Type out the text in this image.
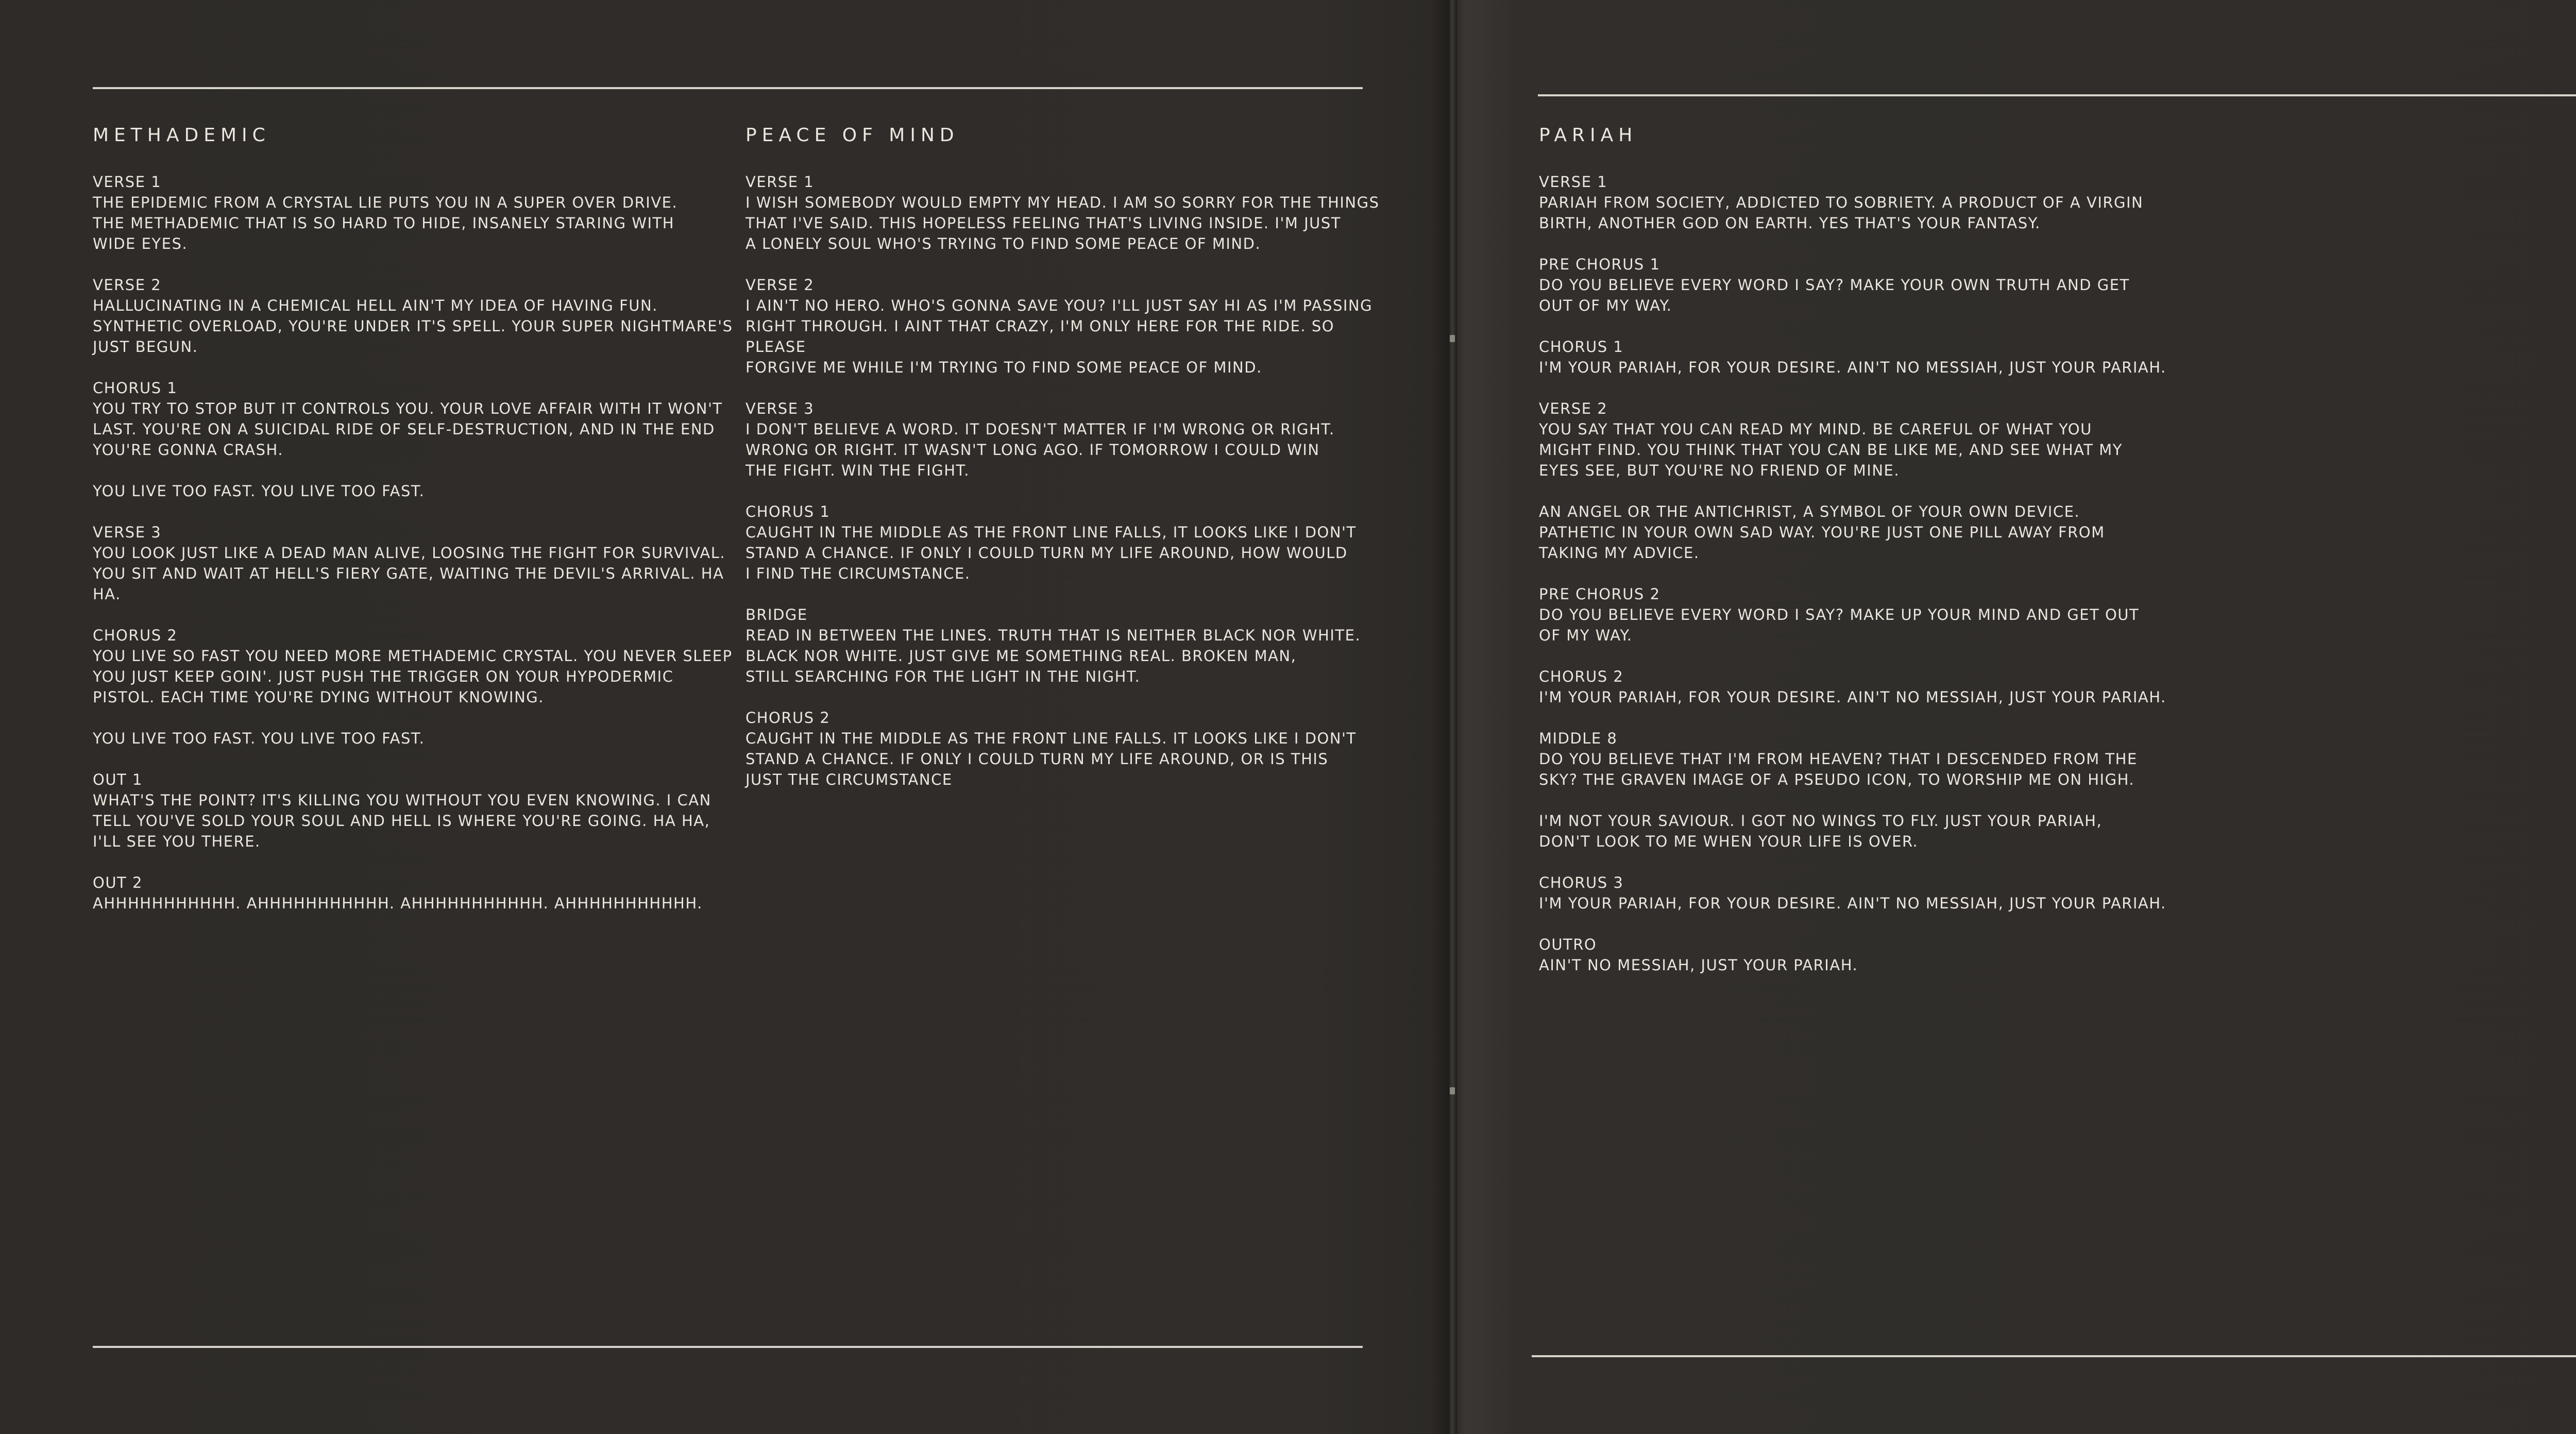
METHADEMIC
VERSE 1
THE EPIDEMIC FROM A CRYSTAL LIE PUTS YOU IN A SUPER OVER DRIVE.
THE METHADEMIC THAT IS SO HARD TO HIDE, INSANELY STARING WITH
WIDE EYES.
VERSE 2
HALLUCINATING IN A CHEMICAL HELL AIN'T MY IDEA OF HAVING FUN.
SYNTHETIC OVERLOAD, YOU'RE UNDER IT'S SPELL. YOUR SUPER NIGHTMARE'S
JUST BEGUN.
CHORUS 1
YOU TRY TO STOP BUT IT CONTROLS YOU. YOUR LOVE AFFAIR WITH IT WON'T
LAST. YOU'RE ON A SUICIDAL RIDE OF SELF-DESTRUCTION, AND IN THE END
YOU'RE GONNA CRASH.
YOU LIVE TOO FAST. YOU LIVE TOO FAST.
VERSE 3
YOU LOOK JUST LIKE A DEAD MAN ALIVE, LOOSING THE FIGHT FOR SURVIVAL.
YOU SIT AND WAIT AT HELL'S FIERY GATE, WAITING THE DEVIL'S ARRIVAL. HA HA.
CHORUS 2
YOU LIVE SO FAST YOU NEED MORE METHADEMIC CRYSTAL. YOU NEVER SLEEP
YOU JUST KEEP GOIN'. JUST PUSH THE TRIGGER ON YOUR HYPODERMIC
PISTOL. EACH TIME YOU'RE DYING WITHOUT KNOWING.
YOU LIVE TOO FAST. YOU LIVE TOO FAST.
OUT 1
WHAT'S THE POINT? IT'S KILLING YOU WITHOUT YOU EVEN KNOWING. I CAN
TELL YOU'VE SOLD YOUR SOUL AND HELL IS WHERE YOU'RE GOING. HA HA,
I'LL SEE YOU THERE.
OUT 2
AHHHHHHHHHHH. AHHHHHHHHHHH. AHHHHHHHHHHH. AHHHHHHHHHHH.
PEACE OF MIND
VERSE 1
I WISH SOMEBODY WOULD EMPTY MY HEAD. I AM SO SORRY FOR THE THINGS
THAT I'VE SAID. THIS HOPELESS FEELING THAT'S LIVING INSIDE. I'M JUST
A LONELY SOUL WHO'S TRYING TO FIND SOME PEACE OF MIND.
VERSE 2
I AIN'T NO HERO. WHO'S GONNA SAVE YOU? I'LL JUST SAY HI AS I'M PASSING
RIGHT THROUGH. I AINT THAT CRAZY, I'M ONLY HERE FOR THE RIDE. SO PLEASE
FORGIVE ME WHILE I'M TRYING TO FIND SOME PEACE OF MIND.
VERSE 3
I DON'T BELIEVE A WORD. IT DOESN'T MATTER IF I'M WRONG OR RIGHT.
WRONG OR RIGHT. IT WASN'T LONG AGO. IF TOMORROW I COULD WIN
THE FIGHT. WIN THE FIGHT.
CHORUS 1
CAUGHT IN THE MIDDLE AS THE FRONT LINE FALLS, IT LOOKS LIKE I DON'T
STAND A CHANCE. IF ONLY I COULD TURN MY LIFE AROUND, HOW WOULD
I FIND THE CIRCUMSTANCE.
BRIDGE
READ IN BETWEEN THE LINES. TRUTH THAT IS NEITHER BLACK NOR WHITE.
BLACK NOR WHITE. JUST GIVE ME SOMETHING REAL. BROKEN MAN,
STILL SEARCHING FOR THE LIGHT IN THE NIGHT.
CHORUS 2
CAUGHT IN THE MIDDLE AS THE FRONT LINE FALLS. IT LOOKS LIKE I DON'T
STAND A CHANCE. IF ONLY I COULD TURN MY LIFE AROUND, OR IS THIS
JUST THE CIRCUMSTANCE
PARIAH
VERSE 1
PARIAH FROM SOCIETY, ADDICTED TO SOBRIETY. A PRODUCT OF A VIRGIN
BIRTH, ANOTHER GOD ON EARTH. YES THAT'S YOUR FANTASY.
PRE CHORUS 1
DO YOU BELIEVE EVERY WORD I SAY? MAKE YOUR OWN TRUTH AND GET
OUT OF MY WAY.
CHORUS 1
I'M YOUR PARIAH, FOR YOUR DESIRE. AIN'T NO MESSIAH, JUST YOUR PARIAH.
VERSE 2
YOU SAY THAT YOU CAN READ MY MIND. BE CAREFUL OF WHAT YOU
MIGHT FIND. YOU THINK THAT YOU CAN BE LIKE ME, AND SEE WHAT MY
EYES SEE, BUT YOU'RE NO FRIEND OF MINE.
AN ANGEL OR THE ANTICHRIST, A SYMBOL OF YOUR OWN DEVICE.
PATHETIC IN YOUR OWN SAD WAY. YOU'RE JUST ONE PILL AWAY FROM
TAKING MY ADVICE.
PRE CHORUS 2
DO YOU BELIEVE EVERY WORD I SAY? MAKE UP YOUR MIND AND GET OUT
OF MY WAY.
CHORUS 2
I'M YOUR PARIAH, FOR YOUR DESIRE. AIN'T NO MESSIAH, JUST YOUR PARIAH.
MIDDLE 8
DO YOU BELIEVE THAT I'M FROM HEAVEN? THAT I DESCENDED FROM THE
SKY? THE GRAVEN IMAGE OF A PSEUDO ICON, TO WORSHIP ME ON HIGH.
I'M NOT YOUR SAVIOUR. I GOT NO WINGS TO FLY. JUST YOUR PARIAH,
DON'T LOOK TO ME WHEN YOUR LIFE IS OVER.
CHORUS 3
I'M YOUR PARIAH, FOR YOUR DESIRE. AIN'T NO MESSIAH, JUST YOUR PARIAH.
OUTRO
AIN'T NO MESSIAH, JUST YOUR PARIAH.
